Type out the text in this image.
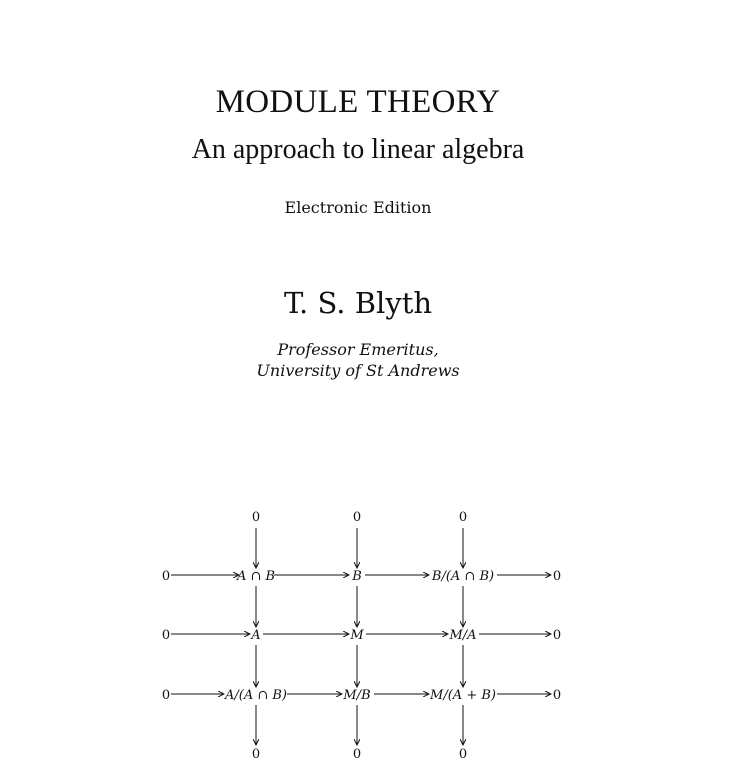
MODULE THEORY
An approach to linear algebra
Electronic Edition
T. S. Blyth
Professor Emeritus,
University of St Andrews
0	0	0
0	A ∩ B	B	B/(A ∩ B)	0
0	A	M	M/A	0
0	A/(A ∩ B)	M/B	M/(A + B)	0
0	0	0
